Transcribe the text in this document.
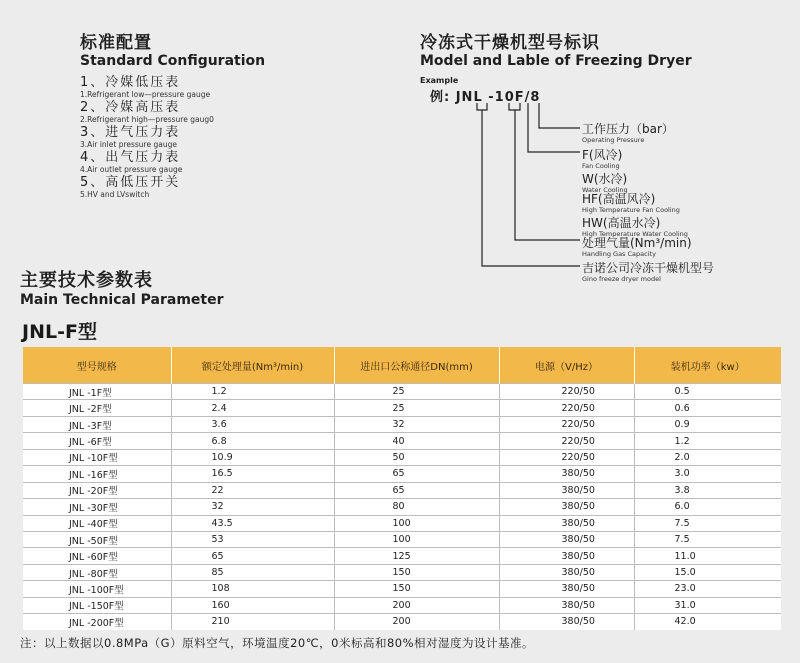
标准配置
Standard Configuration
1、冷媒低压表
1.Refrigerant low—pressure gauge
2、冷媒高压表
2.Refrigerant high—pressure gaug0
3、进气压力表
3.Air inlet pressure gauge
4、出气压力表
4.Air outlet pressure gauge
5、高低压开关
5.HV and LVswitch
冷冻式干燥机型号标识
Model and Lable of Freezing Dryer
Example
例: JNL -10F/8
工作压力（bar）
Operating Pressure
F(风冷)
Fan Cooling
W(水冷)
Water Cooling
HF(高温风冷)
High Temperature Fan Cooling
HW(高温水冷)
High Temperature Water Cooling
处理气量(Nm³/min)
Handling Gas Capacity
吉诺公司冷冻干燥机型号
Gino freeze dryer model
主要技术参数表
Main Technical Parameter
JNL-F型
型号规格	额定处理量(Nm³/min)	进出口公称通径DN(mm)	电源（V/Hz）	装机功率（kw）
JNL -1F型	1.2	25	220/50	0.5
JNL -2F型	2.4	25	220/50	0.6
JNL -3F型	3.6	32	220/50	0.9
JNL -6F型	6.8	40	220/50	1.2
JNL -10F型	10.9	50	220/50	2.0
JNL -16F型	16.5	65	380/50	3.0
JNL -20F型	22	65	380/50	3.8
JNL -30F型	32	80	380/50	6.0
JNL -40F型	43.5	100	380/50	7.5
JNL -50F型	53	100	380/50	7.5
JNL -60F型	65	125	380/50	11.0
JNL -80F型	85	150	380/50	15.0
JNL -100F型	108	150	380/50	23.0
JNL -150F型	160	200	380/50	31.0
JNL -200F型	210	200	380/50	42.0
注：以上数据以0.8MPa（G）原料空气，环境温度20℃，0米标高和80%相对湿度为设计基准。
